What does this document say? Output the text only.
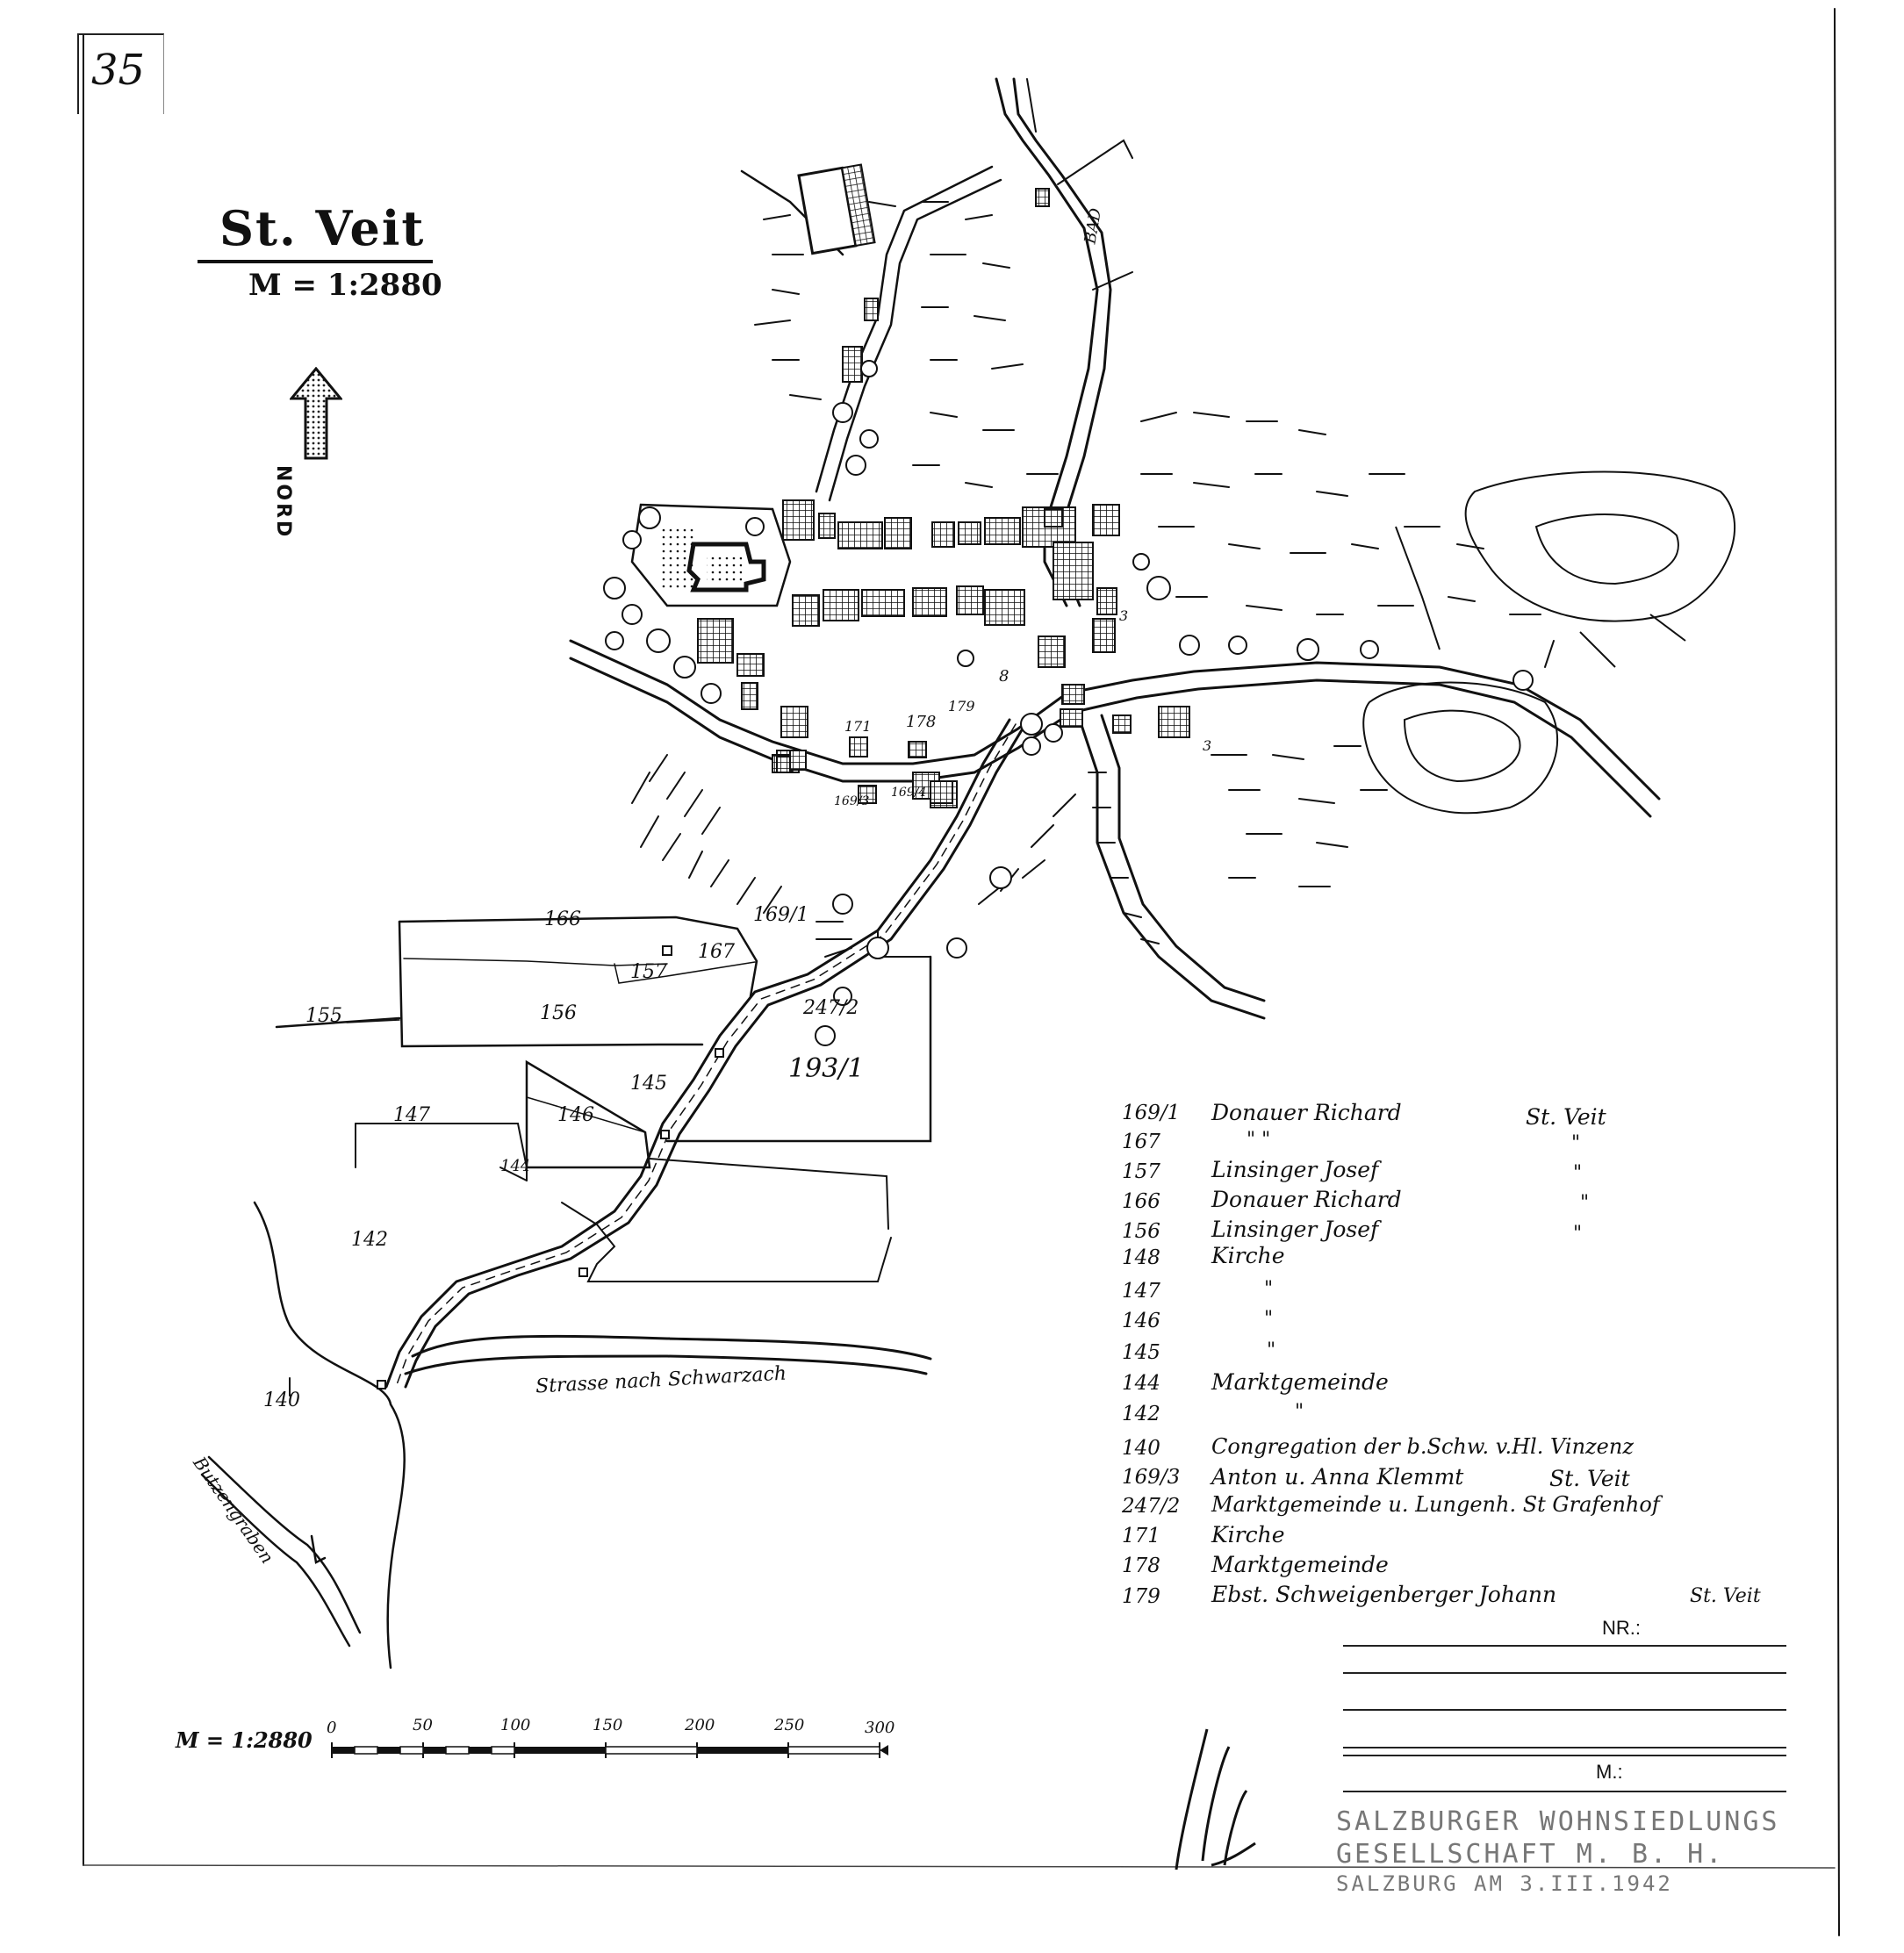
35
St. Veit
M = 1:2880
NORD
BAD
166
167
157
155	156
169/1
247/2
193/1
145
147	146
144
142
140
171 178
179
169/3
169/4
8
3
3
Strasse nach Schwarzach
Butzengraben
169/1 Donauer Richard	St. Veit
167	" "	"
157 Linsinger Josef	"
166 Donauer Richard	"
156 Linsinger Josef	"
148 Kirche
147	"
146	"
145	"
144 Marktgemeinde
142	"
140 Congregation der b.Schw. v.Hl. Vinzenz
169/3 Anton u. Anna Klemmt	St. Veit
247/2 Marktgemeinde u. Lungenh. St Grafenhof
171 Kirche
178 Marktgemeinde
179 Ebst. Schweigenberger Johann	St. Veit
NR.:
M.:
SALZBURGER WOHNSIEDLUNGS
GESELLSCHAFT M. B. H.
SALZBURG AM 3.III.1942
M = 1:2880 0	50	100	150	200	250	300
